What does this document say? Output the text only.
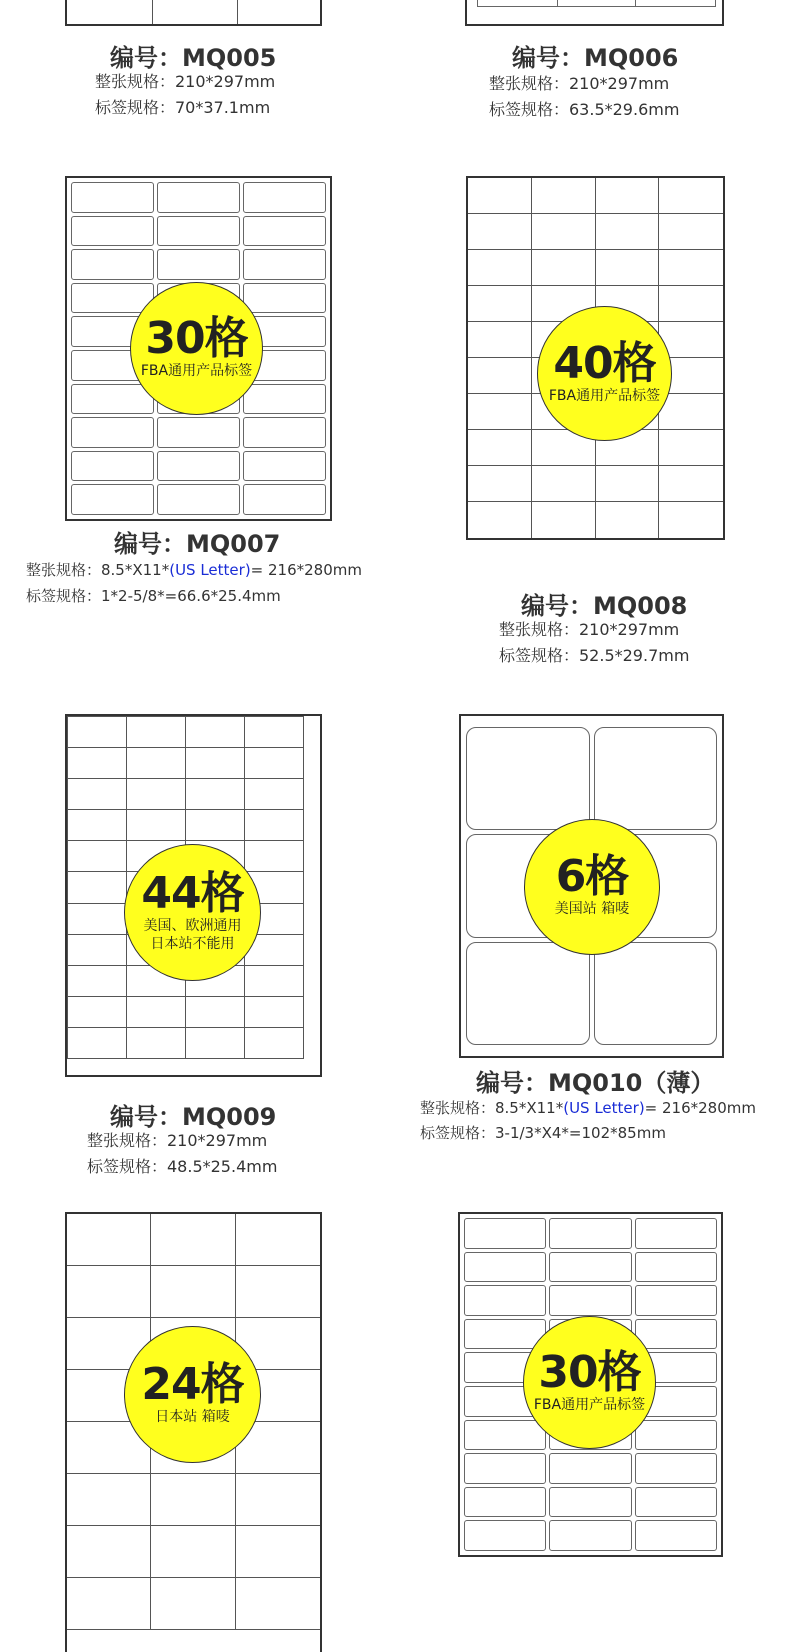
编号：MQ005
整张规格：210*297mm
标签规格：70*37.1mm
编号：MQ006
整张规格：210*297mm
标签规格：63.5*29.6mm
30格
FBA通用产品标签
编号：MQ007
整张规格：8.5*X11*(US Letter)= 216*280mm
标签规格：1*2-5/8*=66.6*25.4mm
40格
FBA通用产品标签
编号：MQ008
整张规格：210*297mm
标签规格：52.5*29.7mm
44格
美国、欧洲通用
日本站不能用
编号：MQ009
整张规格：210*297mm
标签规格：48.5*25.4mm
6格
美国站 箱唛
编号：MQ010（薄）
整张规格：8.5*X11*(US Letter)= 216*280mm
标签规格：3-1/3*X4*=102*85mm
24格
日本站 箱唛
30格
FBA通用产品标签
